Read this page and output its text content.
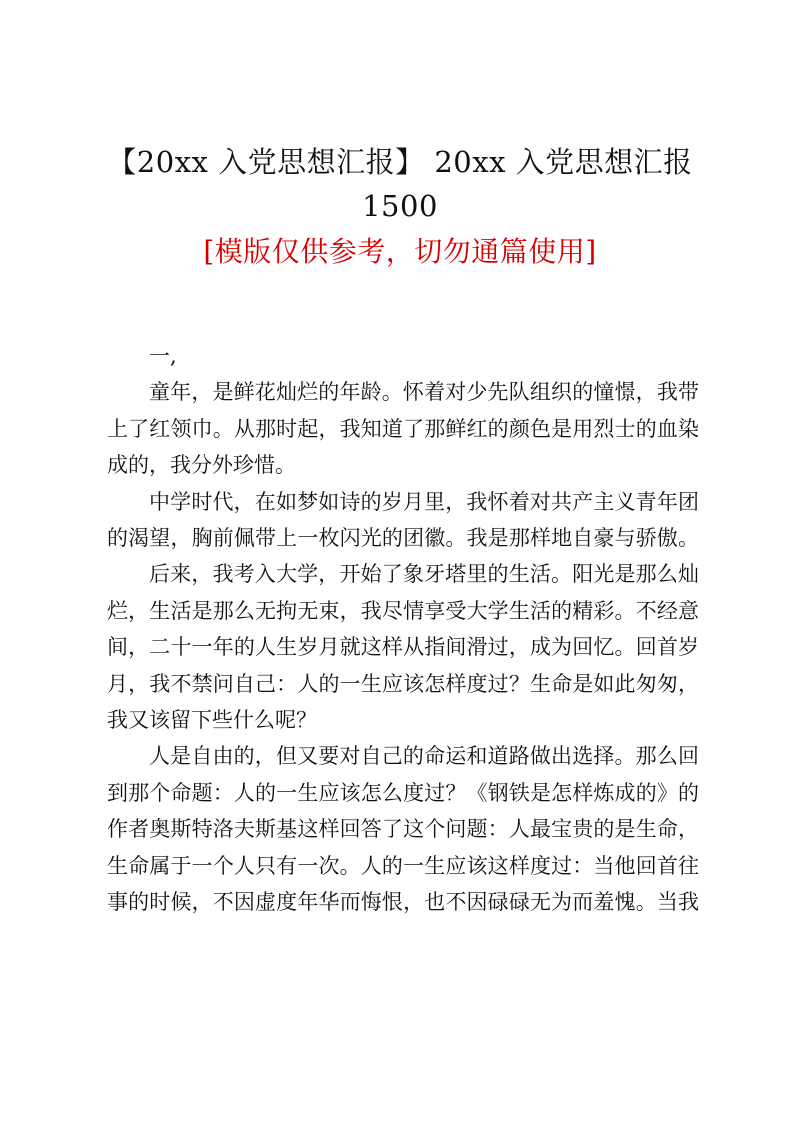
【20xx 入党思想汇报】 20xx 入党思想汇报
1500
[模版仅供参考，切勿通篇使用]

一,

童年，是鲜花灿烂的年龄。怀着对少先队组织的憧憬，我带
上了红领巾。从那时起，我知道了那鲜红的颜色是用烈士的血染
成的，我分外珍惜。

中学时代，在如梦如诗的岁月里，我怀着对共产主义青年团
的渴望，胸前佩带上一枚闪光的团徽。我是那样地自豪与骄傲。

后来，我考入大学，开始了象牙塔里的生活。阳光是那么灿
烂，生活是那么无拘无束，我尽情享受大学生活的精彩。不经意
间，二十一年的人生岁月就这样从指间滑过，成为回忆。回首岁
月，我不禁问自己：人的一生应该怎样度过？生命是如此匆匆，
我又该留下些什么呢？

人是自由的，但又要对自己的命运和道路做出选择。那么回
到那个命题：人的一生应该怎么度过？《钢铁是怎样炼成的》的
作者奥斯特洛夫斯基这样回答了这个问题：人最宝贵的是生命，
生命属于一个人只有一次。人的一生应该这样度过：当他回首往
事的时候，不因虚度年华而悔恨，也不因碌碌无为而羞愧。当我
